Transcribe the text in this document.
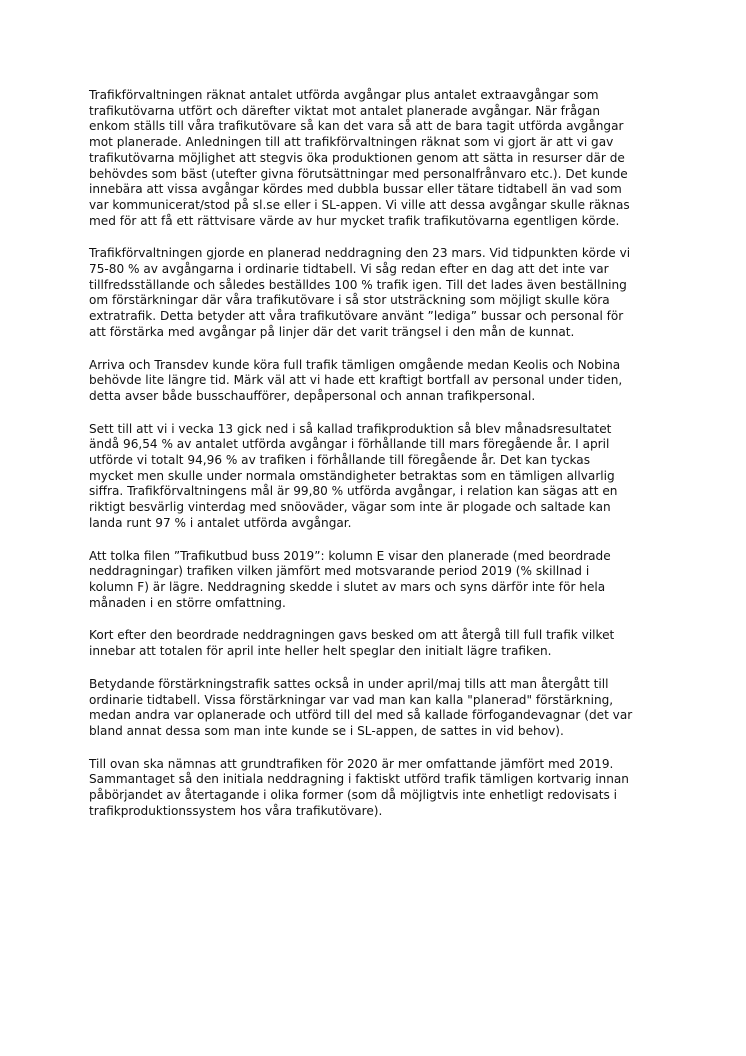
Trafikförvaltningen räknat antalet utförda avgångar plus antalet extraavgångar som
trafikutövarna utfört och därefter viktat mot antalet planerade avgångar. När frågan
enkom ställs till våra trafikutövare så kan det vara så att de bara tagit utförda avgångar
mot planerade. Anledningen till att trafikförvaltningen räknat som vi gjort är att vi gav
trafikutövarna möjlighet att stegvis öka produktionen genom att sätta in resurser där de
behövdes som bäst (utefter givna förutsättningar med personalfrånvaro etc.). Det kunde
innebära att vissa avgångar kördes med dubbla bussar eller tätare tidtabell än vad som
var kommunicerat/stod på sl.se eller i SL-appen. Vi ville att dessa avgångar skulle räknas
med för att få ett rättvisare värde av hur mycket trafik trafikutövarna egentligen körde.

Trafikförvaltningen gjorde en planerad neddragning den 23 mars. Vid tidpunkten körde vi
75-80 % av avgångarna i ordinarie tidtabell. Vi såg redan efter en dag att det inte var
tillfredsställande och således beställdes 100 % trafik igen. Till det lades även beställning
om förstärkningar där våra trafikutövare i så stor utsträckning som möjligt skulle köra
extratrafik. Detta betyder att våra trafikutövare använt ”lediga” bussar och personal för
att förstärka med avgångar på linjer där det varit trängsel i den mån de kunnat.

Arriva och Transdev kunde köra full trafik tämligen omgående medan Keolis och Nobina
behövde lite längre tid. Märk väl att vi hade ett kraftigt bortfall av personal under tiden,
detta avser både busschaufförer, depåpersonal och annan trafikpersonal.

Sett till att vi i vecka 13 gick ned i så kallad trafikproduktion så blev månadsresultatet
ändå 96,54 % av antalet utförda avgångar i förhållande till mars föregående år. I april
utförde vi totalt 94,96 % av trafiken i förhållande till föregående år. Det kan tyckas
mycket men skulle under normala omständigheter betraktas som en tämligen allvarlig
siffra. Trafikförvaltningens mål är 99,80 % utförda avgångar, i relation kan sägas att en
riktigt besvärlig vinterdag med snöoväder, vägar som inte är plogade och saltade kan
landa runt 97 % i antalet utförda avgångar.

Att tolka filen ”Trafikutbud buss 2019”: kolumn E visar den planerade (med beordrade
neddragningar) trafiken vilken jämfört med motsvarande period 2019 (% skillnad i
kolumn F) är lägre. Neddragning skedde i slutet av mars och syns därför inte för hela
månaden i en större omfattning.

Kort efter den beordrade neddragningen gavs besked om att återgå till full trafik vilket
innebar att totalen för april inte heller helt speglar den initialt lägre trafiken.

Betydande förstärkningstrafik sattes också in under april/maj tills att man återgått till
ordinarie tidtabell. Vissa förstärkningar var vad man kan kalla "planerad" förstärkning,
medan andra var oplanerade och utförd till del med så kallade förfogandevagnar (det var
bland annat dessa som man inte kunde se i SL-appen, de sattes in vid behov).

Till ovan ska nämnas att grundtrafiken för 2020 är mer omfattande jämfört med 2019.
Sammantaget så den initiala neddragning i faktiskt utförd trafik tämligen kortvarig innan
påbörjandet av återtagande i olika former (som då möjligtvis inte enhetligt redovisats i
trafikproduktionssystem hos våra trafikutövare).
